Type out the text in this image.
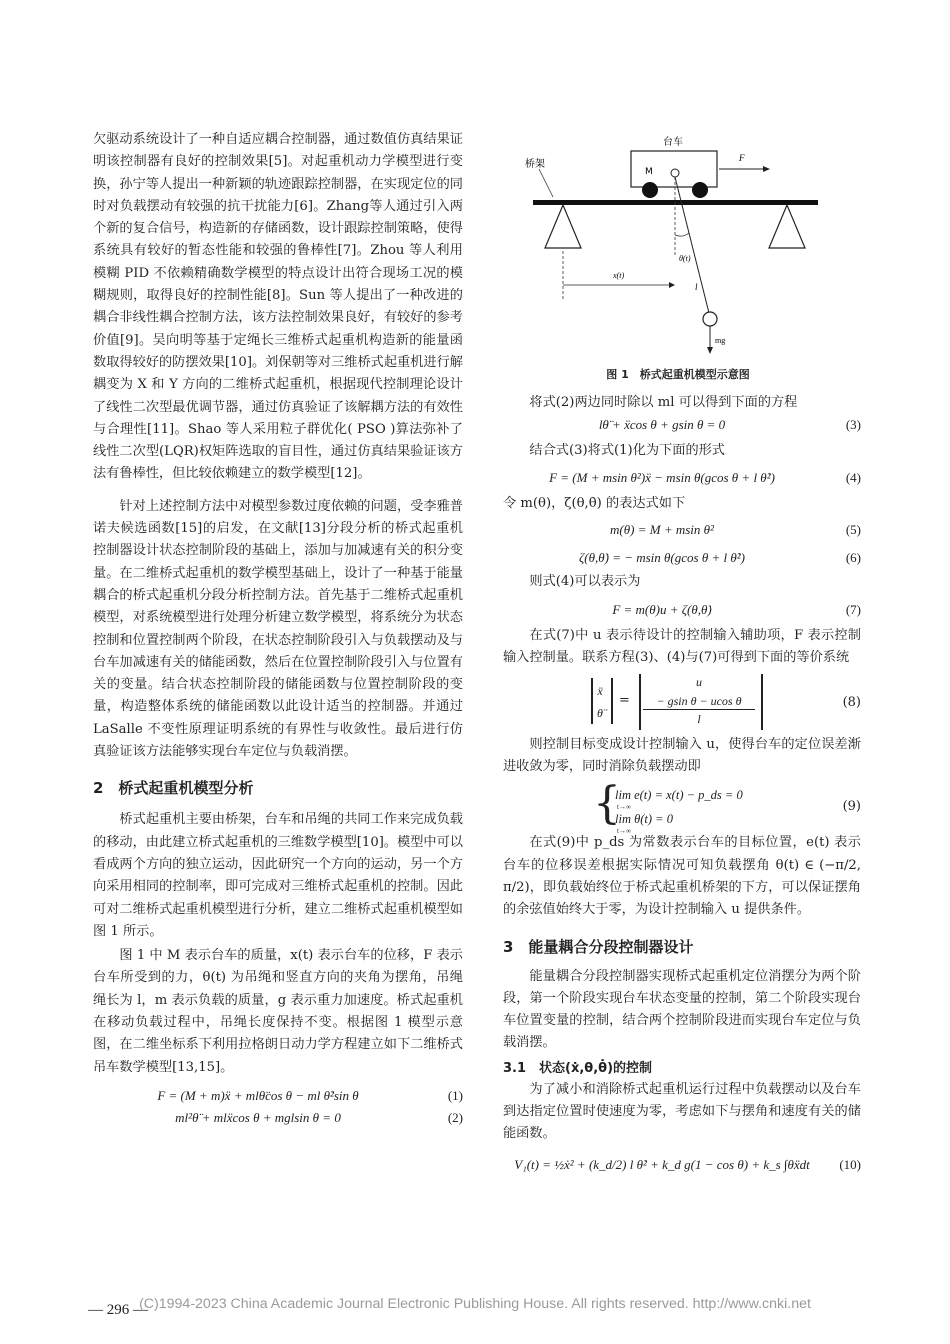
欠驱动系统设计了一种自适应耦合控制器，通过数值仿真结果证明该控制器有良好的控制效果[5]。对起重机动力学模型进行变换，孙宁等人提出一种新颖的轨迹跟踪控制器，在实现定位的同时对负载摆动有较强的抗干扰能力[6]。Zhang等人通过引入两个新的复合信号，构造新的存储函数，设计跟踪控制策略，使得系统具有较好的暂态性能和较强的鲁棒性[7]。Zhou 等人利用模糊 PID 不依赖精确数学模型的特点设计出符合现场工况的模糊规则，取得良好的控制性能[8]。Sun 等人提出了一种改进的耦合非线性耦合控制方法，该方法控制效果良好，有较好的参考价值[9]。吴向明等基于定绳长三维桥式起重机构造新的能量函数取得较好的防摆效果[10]。刘保朝等对三维桥式起重机进行解耦变为 X 和 Y 方向的二维桥式起重机，根据现代控制理论设计了线性二次型最优调节器，通过仿真验证了该解耦方法的有效性与合理性[11]。Shao 等人采用粒子群优化( PSO )算法弥补了线性二次型(LQR)权矩阵选取的盲目性，通过仿真结果验证该方法有鲁棒性，但比较依赖建立的数学模型[12]。

针对上述控制方法中对模型参数过度依赖的问题，受李雅普诺夫候选函数[15]的启发，在文献[13]分段分析的桥式起重机控制器设计状态控制阶段的基础上，添加与加减速有关的积分变量。在二维桥式起重机的数学模型基础上，设计了一种基于能量耦合的桥式起重机分段分析控制方法。首先基于二维桥式起重机模型，对系统模型进行处理分析建立数学模型，将系统分为状态控制和位置控制两个阶段，在状态控制阶段引入与负载摆动及与台车加减速有关的储能函数，然后在位置控制阶段引入与位置有关的变量。结合状态控制阶段的储能函数与位置控制阶段的变量，构造整体系统的储能函数以此设计适当的控制器。并通过 LaSalle 不变性原理证明系统的有界性与收敛性。最后进行仿真验证该方法能够实现台车定位与负载消摆。

2　桥式起重机模型分析

桥式起重机主要由桥架，台车和吊绳的共同工作来完成负载的移动，由此建立桥式起重机的三维数学模型[10]。模型中可以看成两个方向的独立运动，因此研究一个方向的运动，另一个方向采用相同的控制率，即可完成对三维桥式起重机的控制。因此可对二维桥式起重机模型进行分析，建立二维桥式起重机模型如图 1 所示。

图 1 中 M 表示台车的质量，x(t) 表示台车的位移，F 表示台车所受到的力，θ(t) 为吊绳和竖直方向的夹角为摆角，吊绳绳长为 l，m 表示负载的质量，g 表示重力加速度。桥式起重机在移动负载过程中，吊绳长度保持不变。根据图 1 模型示意图，在二维坐标系下利用拉格朗日动力学方程建立如下二维桥式吊车数学模型[13,15]。

F = (M + m)ẍ + mlθ̈cos θ − ml θ̇²sin θ	(1)
ml²θ̈ + mlẍcos θ + mglsin θ = 0	(2)
台车
桥架
M
F
θ(t)
x(t)
l
mg
图 1　桥式起重机模型示意图

将式(2)两边同时除以 ml 可以得到下面的方程

lθ̈ + ẍcos θ + gsin θ = 0	(3)

结合式(3)将式(1)化为下面的形式

F = (M + msin θ²)ẍ − msin θ(gcos θ + l θ̇²)	(4)

令 m(θ)，ζ(θ,θ̇) 的表达式如下

m(θ) = M + msin θ²	(5)
ζ(θ,θ̇) = − msin θ(gcos θ + l θ̇²)	(6)

则式(4)可以表示为

F = m(θ)u + ζ(θ,θ̇)	(7)

在式(7)中 u 表示待设计的控制输入辅助项，F 表示控制输入控制量。联系方程(3)、(4)与(7)可得到下面的等价系统

ẍ
θ̈
=
u
− gsin θ − ucos θ
l
(8)

则控制目标变成设计控制输入 u，使得台车的定位误差渐进收敛为零，同时消除负载摆动即

{
lim e(t) = x(t) − p_ds = 0
t→∞
lim θ(t) = 0
t→∞
(9)

在式(9)中 p_ds 为常数表示台车的目标位置，e(t) 表示台车的位移误差根据实际情况可知负载摆角 θ(t) ∈ (−π/2, π/2)，即负载始终位于桥式起重机桥架的下方，可以保证摆角的余弦值始终大于零，为设计控制输入 u 提供条件。

3　能量耦合分段控制器设计

能量耦合分段控制器实现桥式起重机定位消摆分为两个阶段，第一个阶段实现台车状态变量的控制，第二个阶段实现台车位置变量的控制，结合两个控制阶段进而实现台车定位与负载消摆。

3.1　状态(ẋ,θ,θ̇)的控制

为了减小和消除桥式起重机运行过程中负载摆动以及台车到达指定位置时使速度为零，考虑如下与摆角和速度有关的储能函数。

V₁(t) = ½ẋ² + (k_d/2) l θ̇² + k_d g(1 − cos θ) + k_s ∫θẍdt	(10)
— 296 —
(C)1994-2023 China Academic Journal Electronic Publishing House. All rights reserved. http://www.cnki.net
